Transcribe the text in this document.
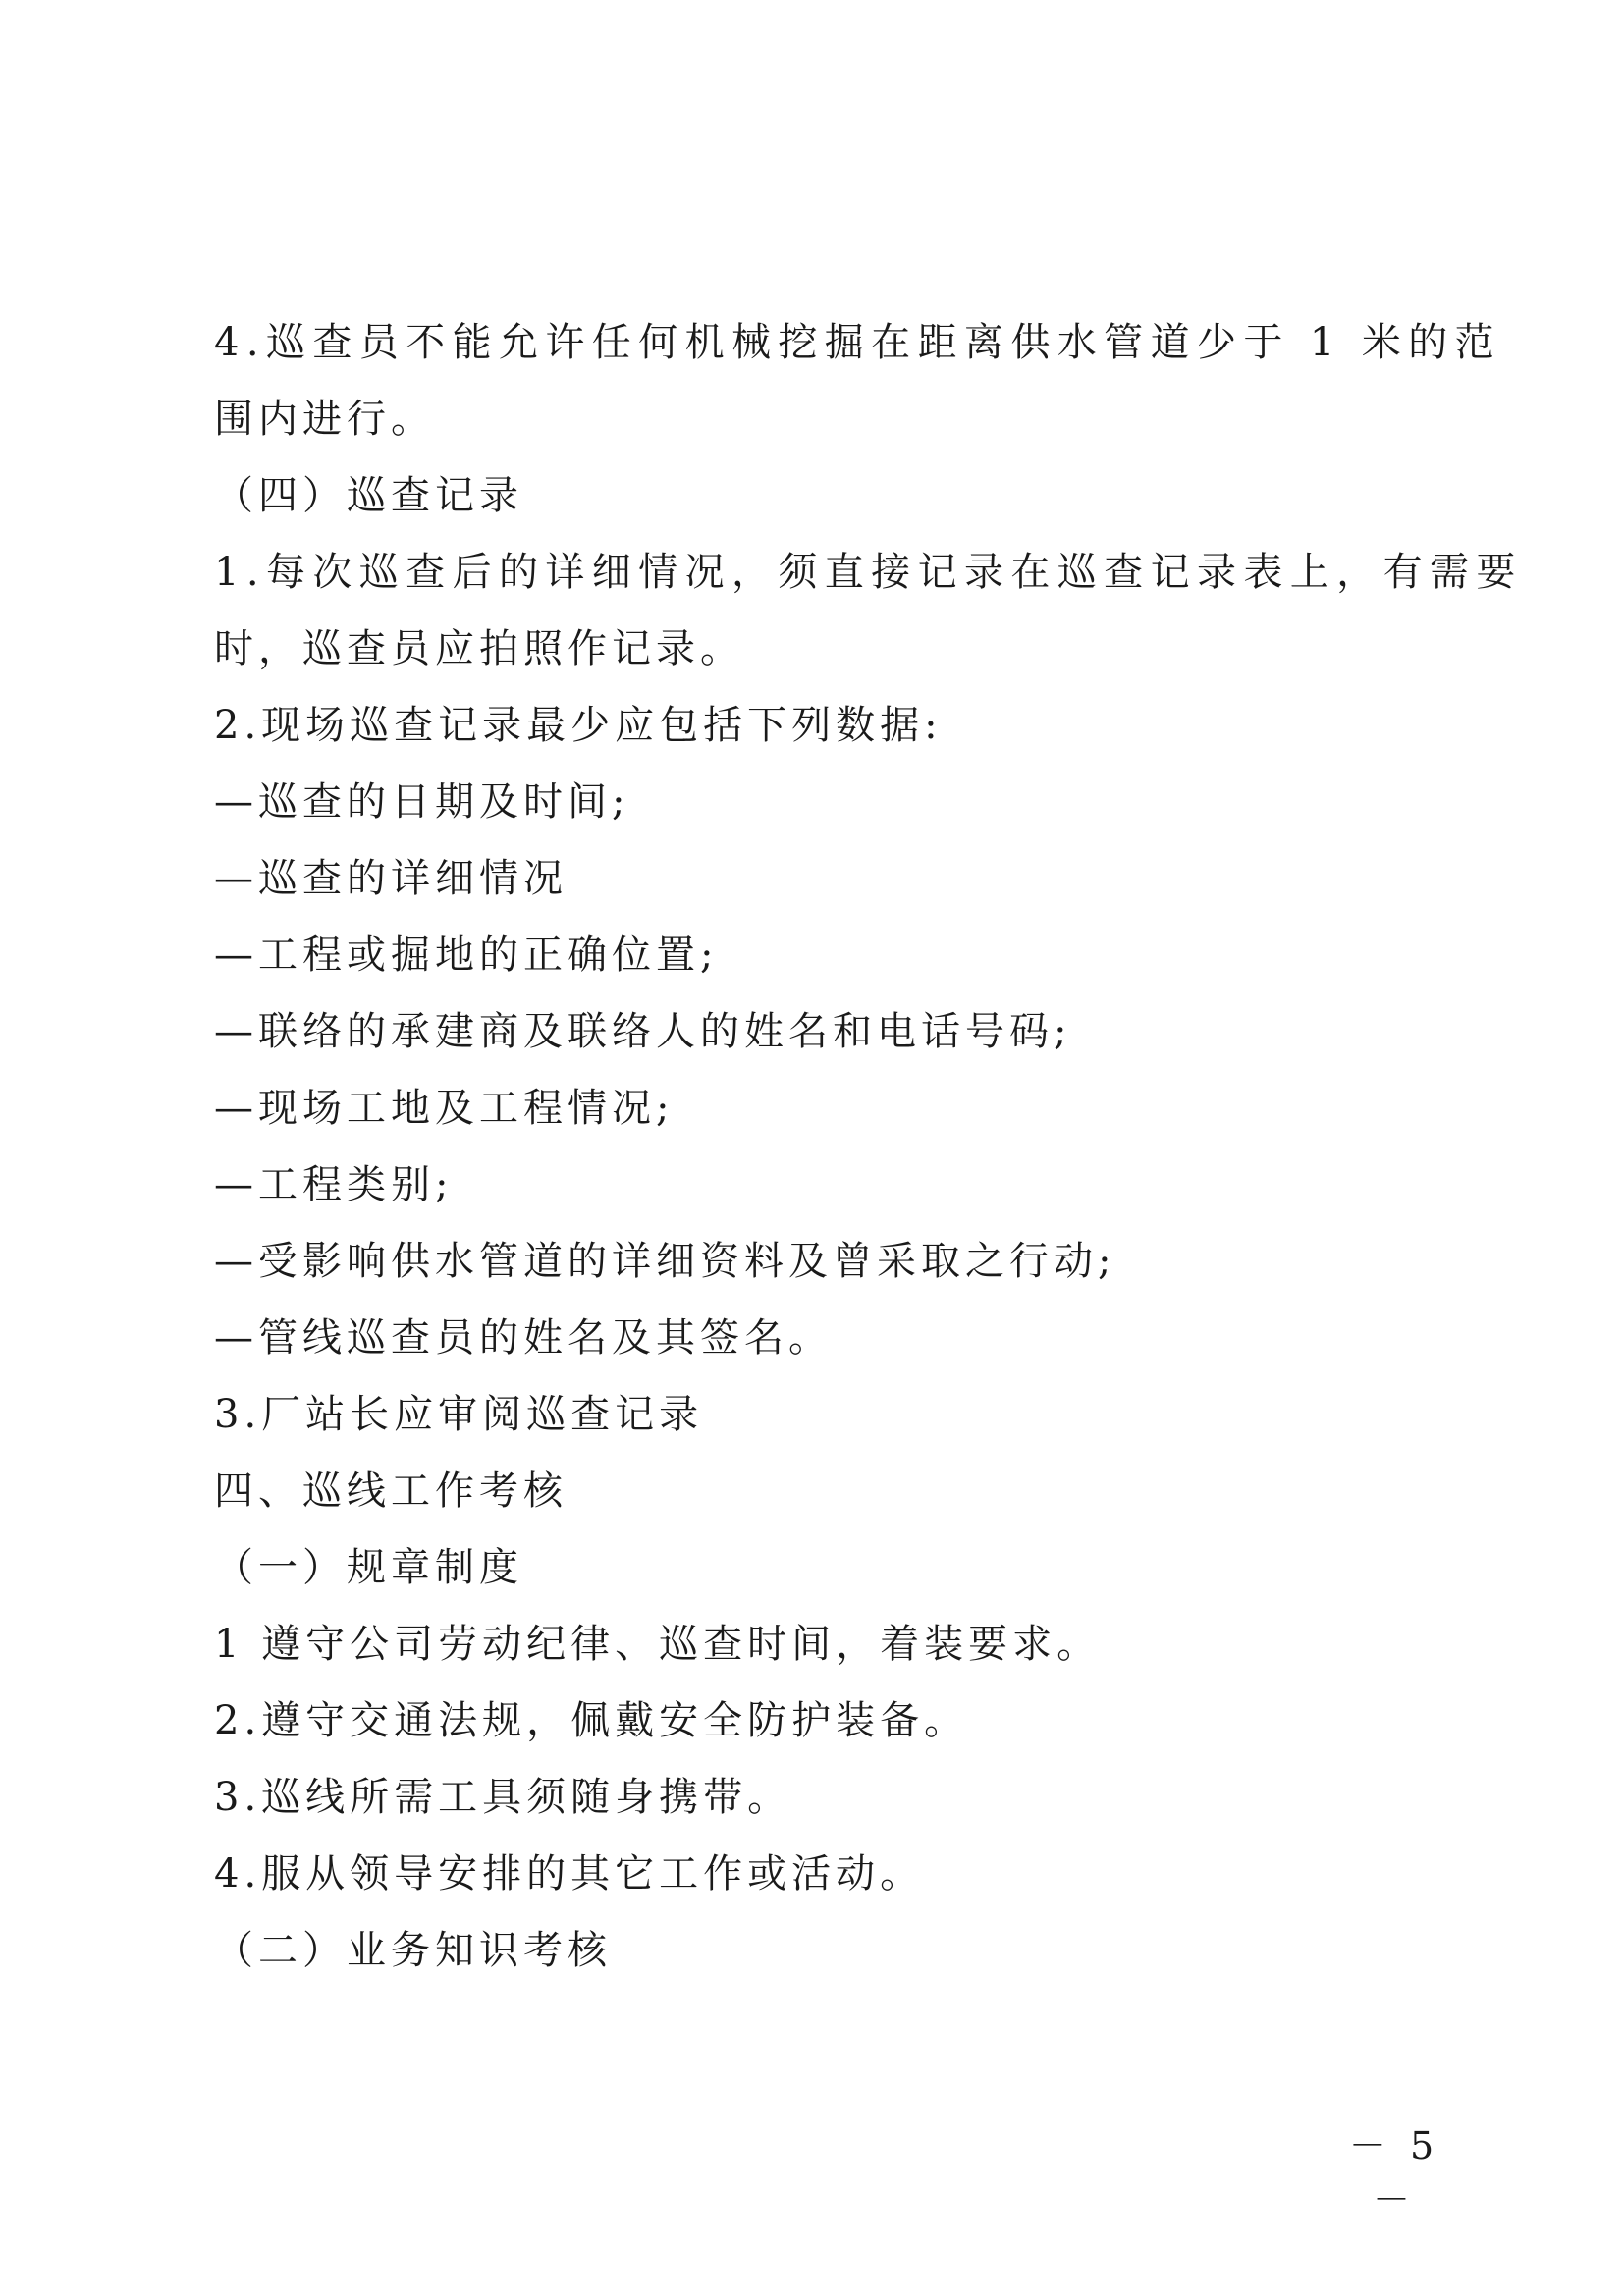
4.巡查员不能允许任何机械挖掘在距离供水管道少于 1 米的范
围内进行。
（四）巡查记录
1.每次巡查后的详细情况，须直接记录在巡查记录表上，有需要
时，巡查员应拍照作记录。
2.现场巡查记录最少应包括下列数据:
—巡查的日期及时间;
—巡查的详细情况
—工程或掘地的正确位置;
—联络的承建商及联络人的姓名和电话号码;
—现场工地及工程情况;
—工程类别;
—受影响供水管道的详细资料及曾采取之行动;
—管线巡查员的姓名及其签名。
3.厂站长应审阅巡查记录
四、巡线工作考核
（一）规章制度
1 遵守公司劳动纪律、巡查时间，着装要求。
2.遵守交通法规，佩戴安全防护装备。
3.巡线所需工具须随身携带。
4.服从领导安排的其它工作或活动。
（二）业务知识考核
－ 5 －
